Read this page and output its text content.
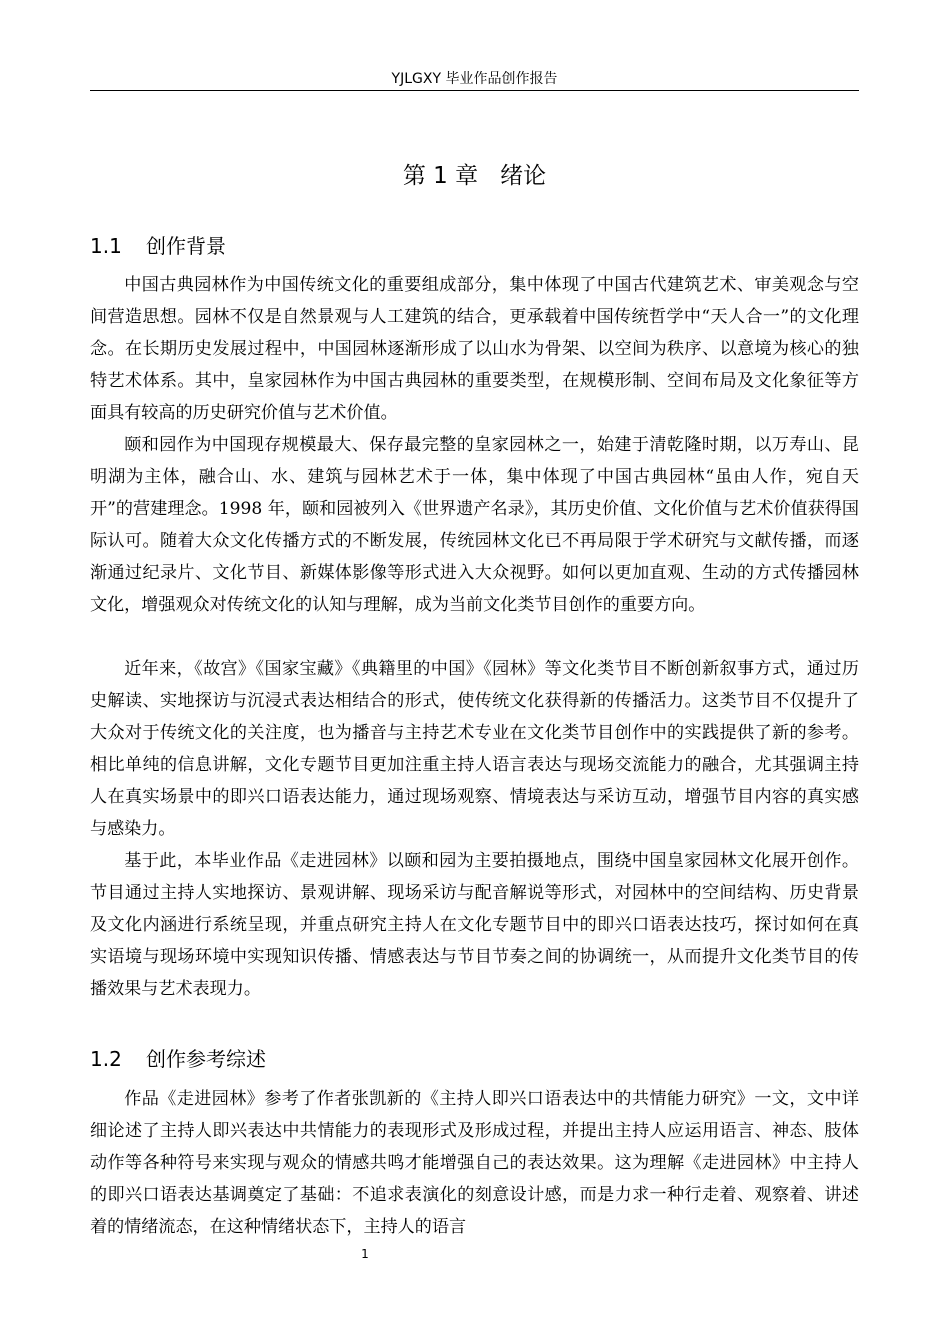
YJLGXY 毕业作品创作报告
第 1 章 绪论
1.1 创作背景

中国古典园林作为中国传统文化的重要组成部分，集中体现了中国古代建筑艺术、审美观念与空间营造思想。园林不仅是自然景观与人工建筑的结合，更承载着中国传统哲学中“天人合一”的文化理念。在长期历史发展过程中，中国园林逐渐形成了以山水为骨架、以空间为秩序、以意境为核心的独特艺术体系。其中，皇家园林作为中国古典园林的重要类型，在规模形制、空间布局及文化象征等方面具有较高的历史研究价值与艺术价值。

颐和园作为中国现存规模最大、保存最完整的皇家园林之一，始建于清乾隆时期，以万寿山、昆明湖为主体，融合山、水、建筑与园林艺术于一体，集中体现了中国古典园林“虽由人作，宛自天开”的营建理念。1998 年，颐和园被列入《世界遗产名录》，其历史价值、文化价值与艺术价值获得国际认可。随着大众文化传播方式的不断发展，传统园林文化已不再局限于学术研究与文献传播，而逐渐通过纪录片、文化节目、新媒体影像等形式进入大众视野。如何以更加直观、生动的方式传播园林文化，增强观众对传统文化的认知与理解，成为当前文化类节目创作的重要方向。

近年来，《故宫》《国家宝藏》《典籍里的中国》《园林》等文化类节目不断创新叙事方式，通过历史解读、实地探访与沉浸式表达相结合的形式，使传统文化获得新的传播活力。这类节目不仅提升了大众对于传统文化的关注度，也为播音与主持艺术专业在文化类节目创作中的实践提供了新的参考。相比单纯的信息讲解，文化专题节目更加注重主持人语言表达与现场交流能力的融合，尤其强调主持人在真实场景中的即兴口语表达能力，通过现场观察、情境表达与采访互动，增强节目内容的真实感与感染力。

基于此，本毕业作品《走进园林》以颐和园为主要拍摄地点，围绕中国皇家园林文化展开创作。节目通过主持人实地探访、景观讲解、现场采访与配音解说等形式，对园林中的空间结构、历史背景及文化内涵进行系统呈现，并重点研究主持人在文化专题节目中的即兴口语表达技巧，探讨如何在真实语境与现场环境中实现知识传播、情感表达与节目节奏之间的协调统一，从而提升文化类节目的传播效果与艺术表现力。

1.2 创作参考综述

作品《走进园林》参考了作者张凯新的《主持人即兴口语表达中的共情能力研究》一文，文中详细论述了主持人即兴表达中共情能力的表现形式及形成过程，并提出主持人应运用语言、神态、肢体动作等各种符号来实现与观众的情感共鸣才能增强自己的表达效果。这为理解《走进园林》中主持人的即兴口语表达基调奠定了基础：不追求表演化的刻意设计感，而是力求一种行走着、观察着、讲述着的情绪流态，在这种情绪状态下，主持人的语言

1
